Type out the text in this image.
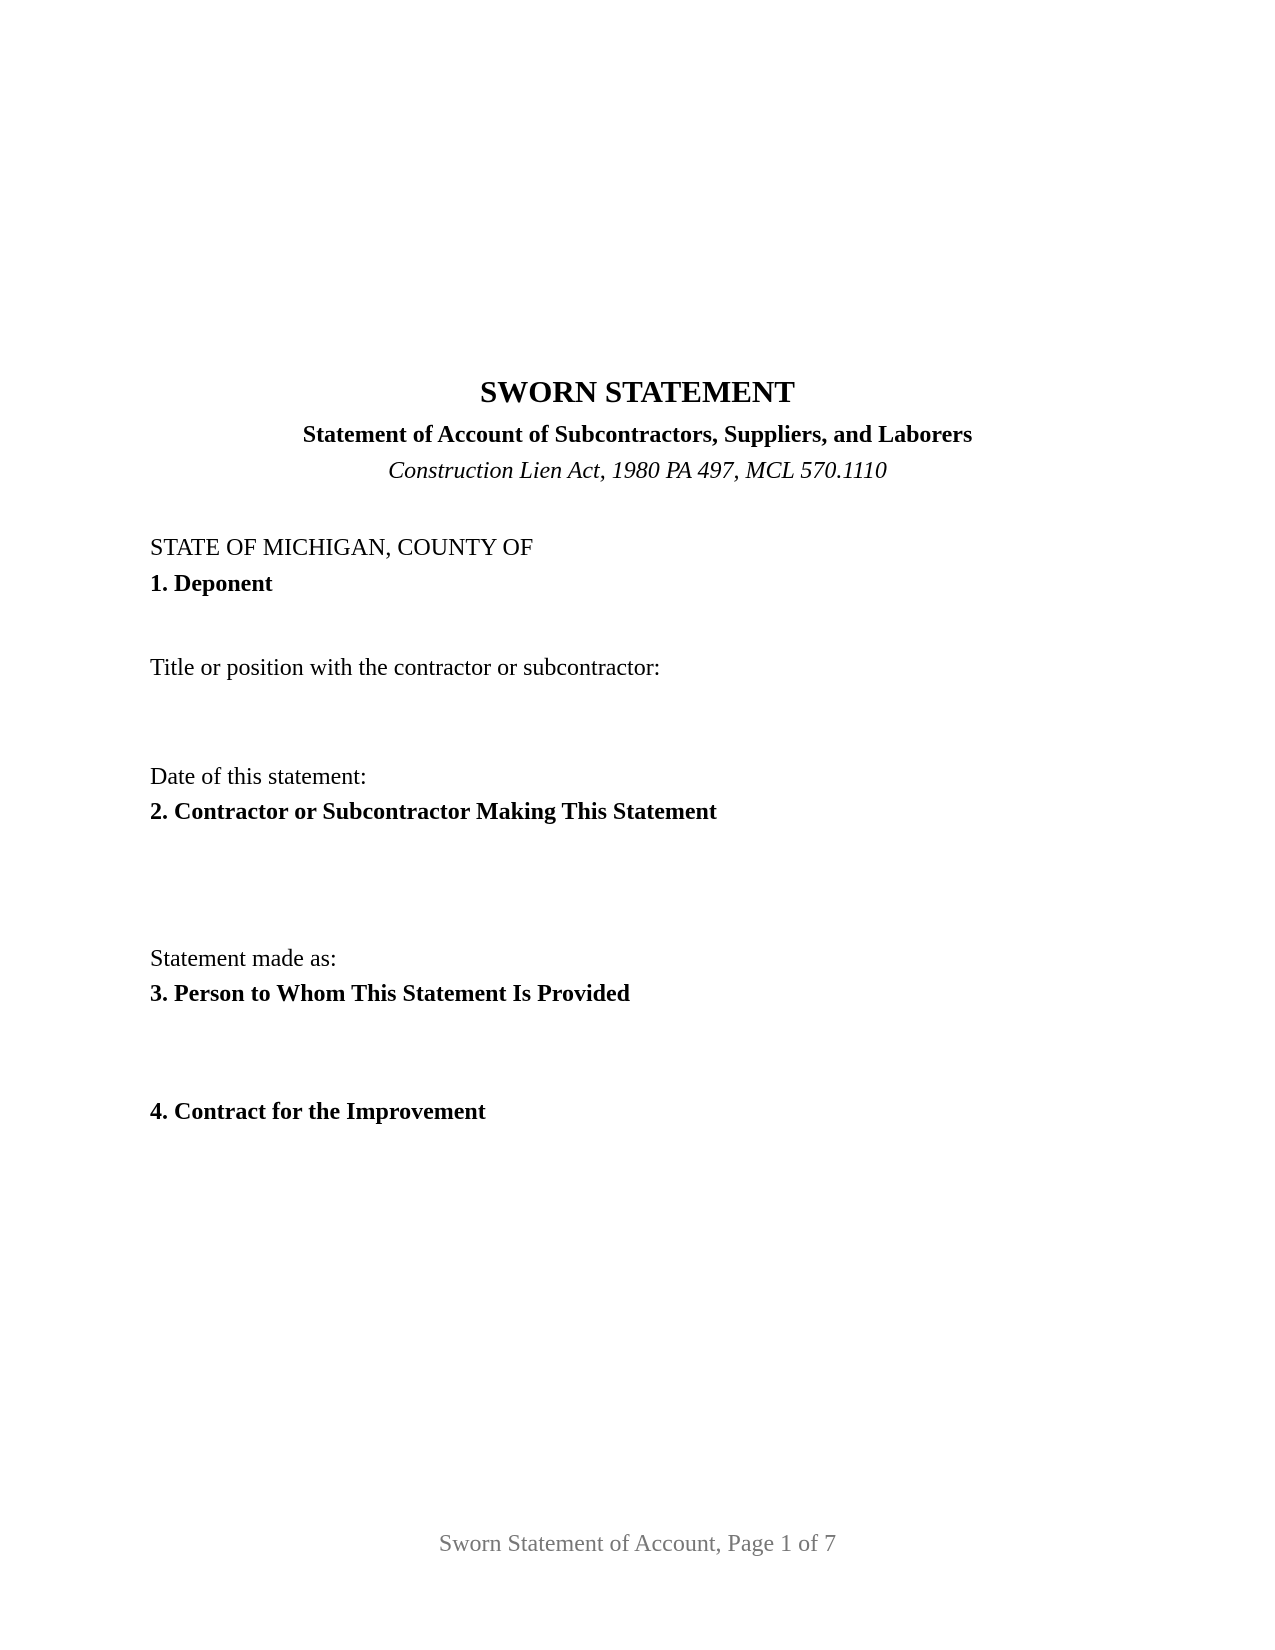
SWORN STATEMENT
Statement of Account of Subcontractors, Suppliers, and Laborers
Construction Lien Act, 1980 PA 497, MCL 570.1110
STATE OF MICHIGAN, COUNTY OF
1. Deponent
Title or position with the contractor or subcontractor:
Date of this statement:
2. Contractor or Subcontractor Making This Statement
Statement made as:
3. Person to Whom This Statement Is Provided
4. Contract for the Improvement
Sworn Statement of Account, Page 1 of 7
